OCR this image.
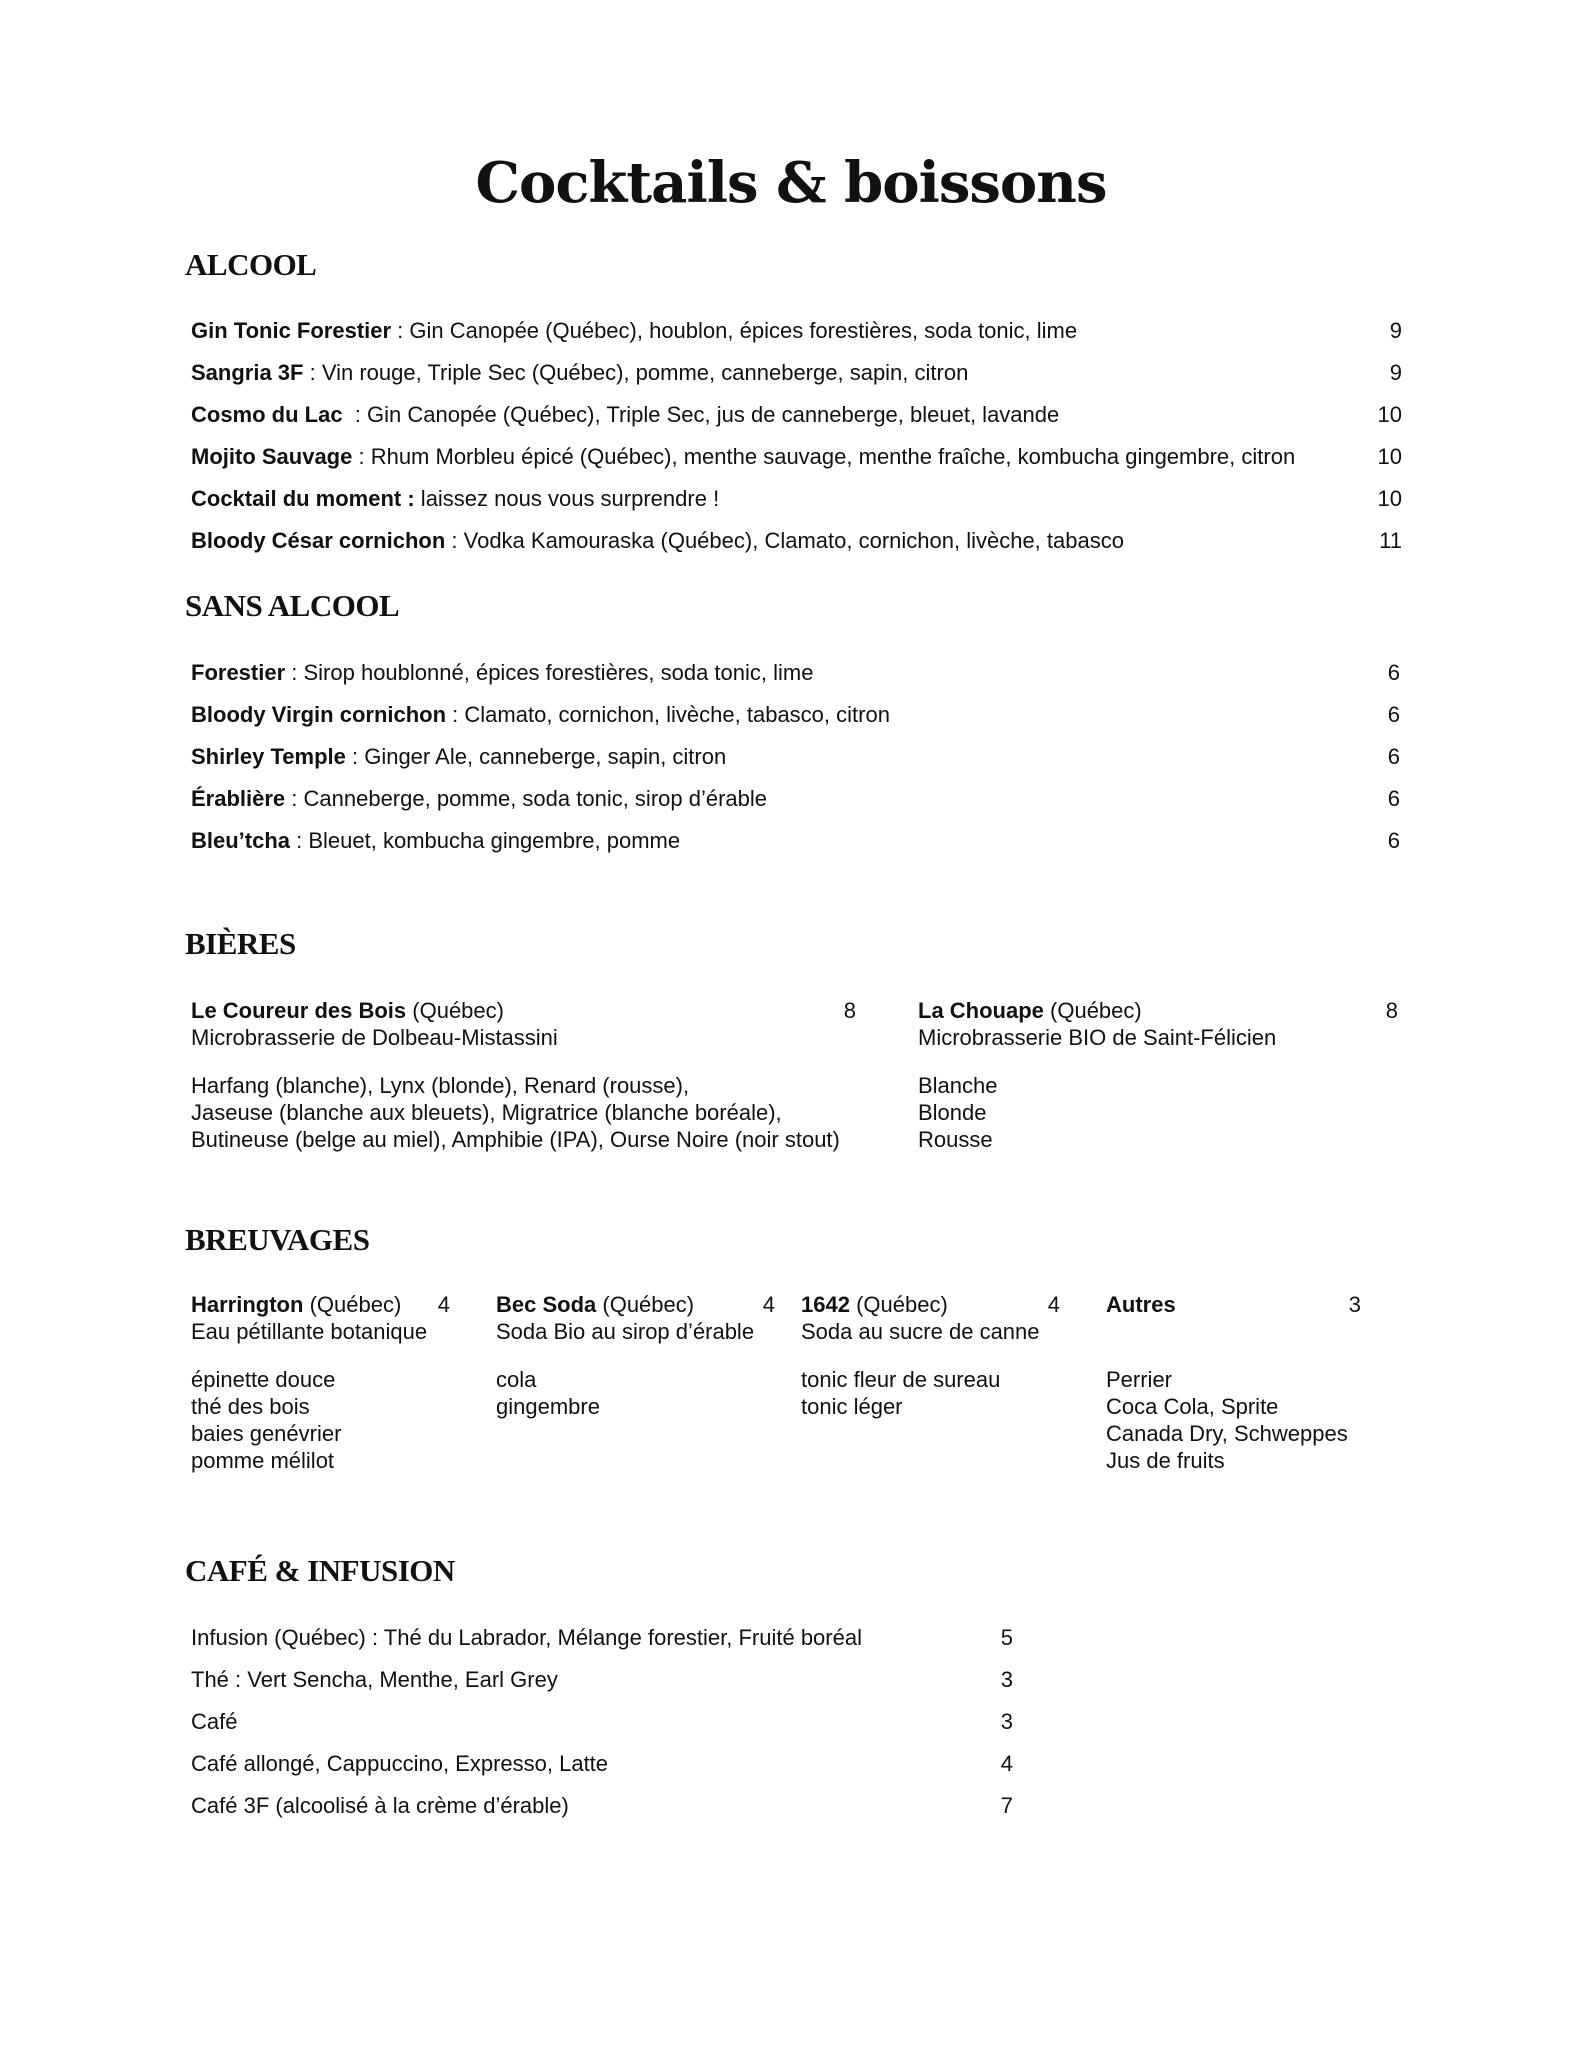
Cocktails & boissons
ALCOOL
Gin Tonic Forestier : Gin Canopée (Québec), houblon, épices forestières, soda tonic, lime	9
Sangria 3F : Vin rouge, Triple Sec (Québec), pomme, canneberge, sapin, citron	9
Cosmo du Lac  : Gin Canopée (Québec), Triple Sec, jus de canneberge, bleuet, lavande	10
Mojito Sauvage : Rhum Morbleu épicé (Québec), menthe sauvage, menthe fraîche, kombucha gingembre, citron	10
Cocktail du moment : laissez nous vous surprendre !	10
Bloody César cornichon : Vodka Kamouraska (Québec), Clamato, cornichon, livèche, tabasco	11
SANS ALCOOL
Forestier : Sirop houblonné, épices forestières, soda tonic, lime	6
Bloody Virgin cornichon : Clamato, cornichon, livèche, tabasco, citron	6
Shirley Temple : Ginger Ale, canneberge, sapin, citron	6
Érablière : Canneberge, pomme, soda tonic, sirop d’érable	6
Bleu’tcha : Bleuet, kombucha gingembre, pomme	6
BIÈRES
Le Coureur des Bois (Québec)	8
Microbrasserie de Dolbeau-Mistassini
Harfang (blanche), Lynx (blonde), Renard (rousse),
Jaseuse (blanche aux bleuets), Migratrice (blanche boréale),
Butineuse (belge au miel), Amphibie (IPA), Ourse Noire (noir stout)
La Chouape (Québec)	8
Microbrasserie BIO de Saint-Félicien
Blanche
Blonde
Rousse
BREUVAGES
Harrington (Québec) 4
Eau pétillante botanique
épinette douce
thé des bois
baies genévrier
pomme mélilot
Bec Soda (Québec)	4
Soda Bio au sirop d’érable
cola
gingembre
1642 (Québec)	4
Soda au sucre de canne
tonic fleur de sureau
tonic léger
Autres	3

Perrier
Coca Cola, Sprite
Canada Dry, Schweppes
Jus de fruits
CAFÉ & INFUSION
Infusion (Québec) : Thé du Labrador, Mélange forestier, Fruité boréal	5
Thé : Vert Sencha, Menthe, Earl Grey	3
Café	3
Café allongé, Cappuccino, Expresso, Latte	4
Café 3F (alcoolisé à la crème d’érable)	7
